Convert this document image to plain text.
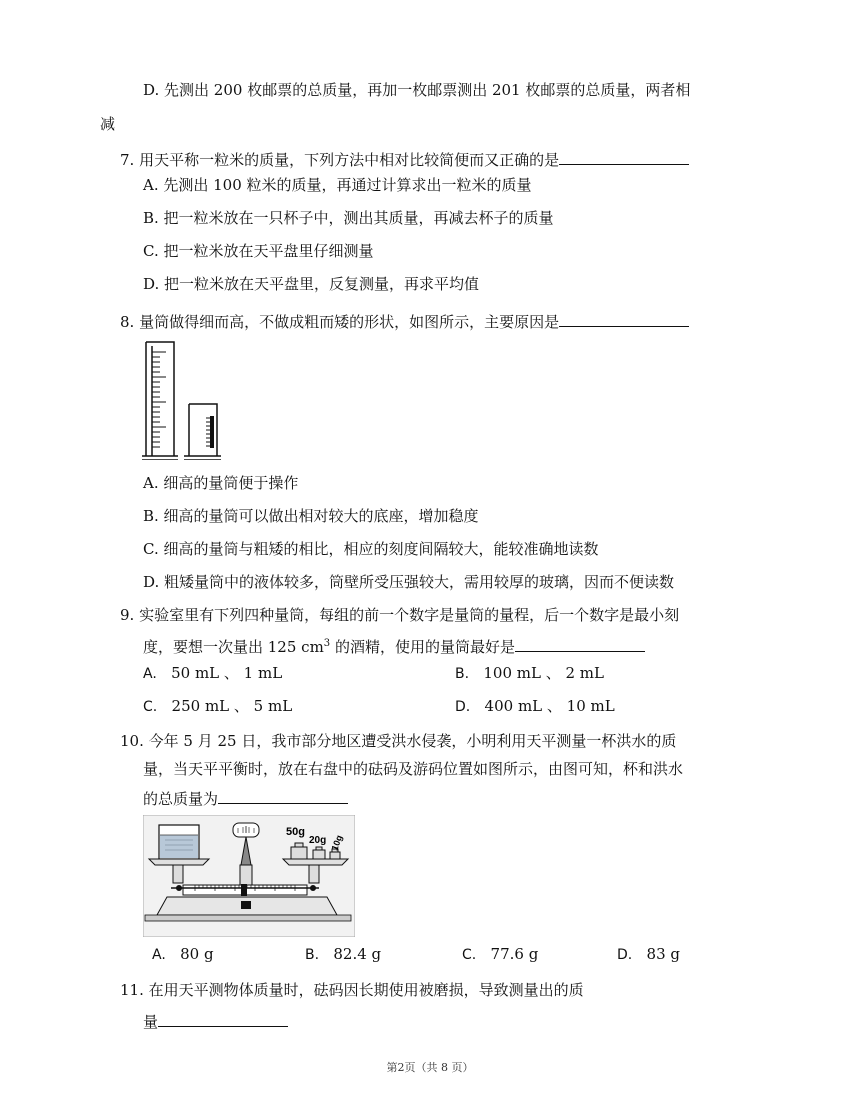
D. 先测出 200 枚邮票的总质量，再加一枚邮票测出 201 枚邮票的总质量，两者相
减
7. 用天平称一粒米的质量，下列方法中相对比较简便而又正确的是
A. 先测出 100 粒米的质量，再通过计算求出一粒米的质量
B. 把一粒米放在一只杯子中，测出其质量，再减去杯子的质量
C. 把一粒米放在天平盘里仔细测量
D. 把一粒米放在天平盘里，反复测量，再求平均值
8. 量筒做得细而高，不做成粗而矮的形状，如图所示，主要原因是
A. 细高的量筒便于操作
B. 细高的量筒可以做出相对较大的底座，增加稳度
C. 细高的量筒与粗矮的相比，相应的刻度间隔较大，能较准确地读数
D. 粗矮量筒中的液体较多，筒壁所受压强较大，需用较厚的玻璃，因而不便读数
9. 实验室里有下列四种量筒，每组的前一个数字是量筒的量程，后一个数字是最小刻
度，要想一次量出 125 $cm^3$ 的酒精，使用的量筒最好是
A. 50 mL 、 1 mL	B. 100 mL 、 2 mL
C. 250 mL 、 5 mL	D. 400 mL 、 10 mL
10. 今年 5 月 25 日，我市部分地区遭受洪水侵袭，小明利用天平测量一杯洪水的质
量，当天平平衡时，放在右盘中的砝码及游码位置如图所示，由图可知，杯和洪水
的总质量为
50g
20g 10g
A. 80 g	B. 82.4 g	C. 77.6 g	D. 83 g
11. 在用天平测物体质量时，砝码因长期使用被磨损，导致测量出的质
量
第2页（共 8 页）
